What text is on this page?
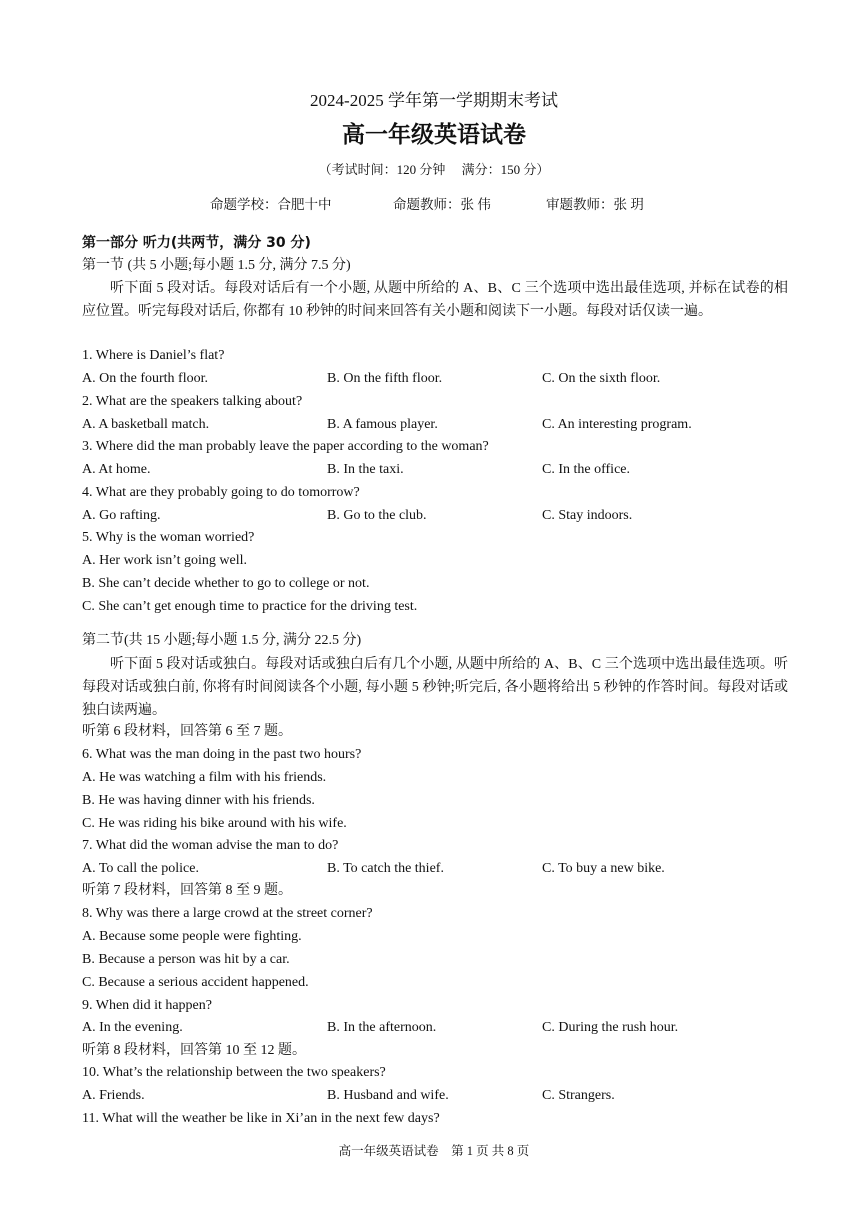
2024-2025 学年第一学期期末考试
高一年级英语试卷
（考试时间：120 分钟　 满分：150 分）
命题学校：合肥十中	命题教师：张 伟	审题教师：张 玥
第一部分 听力(共两节，满分 30 分)
第一节 (共 5 小题;每小题 1.5 分, 满分 7.5 分)
听下面 5 段对话。每段对话后有一个小题, 从题中所给的 A、B、C 三个选项中选出最佳选项, 并标在试卷的相应位置。听完每段对话后, 你都有 10 秒钟的时间来回答有关小题和阅读下一小题。每段对话仅读一遍。
1. Where is Daniel’s flat?
A. On the fourth floor.	B. On the fifth floor.	C. On the sixth floor.
2. What are the speakers talking about?
A. A basketball match.	B. A famous player.	C. An interesting program.
3. Where did the man probably leave the paper according to the woman?
A. At home.	B. In the taxi.	C. In the office.
4. What are they probably going to do tomorrow?
A. Go rafting.	B. Go to the club.	C. Stay indoors.
5. Why is the woman worried?
A. Her work isn’t going well.
B. She can’t decide whether to go to college or not.
C. She can’t get enough time to practice for the driving test.
第二节(共 15 小题;每小题 1.5 分, 满分 22.5 分)
听下面 5 段对话或独白。每段对话或独白后有几个小题, 从题中所给的 A、B、C 三个选项中选出最佳选项。听每段对话或独白前, 你将有时间阅读各个小题, 每小题 5 秒钟;听完后, 各小题将给出 5 秒钟的作答时间。每段对话或独白读两遍。
听第 6 段材料，回答第 6 至 7 题。
6. What was the man doing in the past two hours?
A. He was watching a film with his friends.
B. He was having dinner with his friends.
C. He was riding his bike around with his wife.
7. What did the woman advise the man to do?
A. To call the police.	B. To catch the thief.	C. To buy a new bike.
听第 7 段材料，回答第 8 至 9 题。
8. Why was there a large crowd at the street corner?
A. Because some people were fighting.
B. Because a person was hit by a car.
C. Because a serious accident happened.
9. When did it happen?
A. In the evening.	B. In the afternoon.	C. During the rush hour.
听第 8 段材料，回答第 10 至 12 题。
10. What’s the relationship between the two speakers?
A. Friends.	B. Husband and wife.	C. Strangers.
11. What will the weather be like in Xi’an in the next few days?
高一年级英语试卷　第 1 页 共 8 页
